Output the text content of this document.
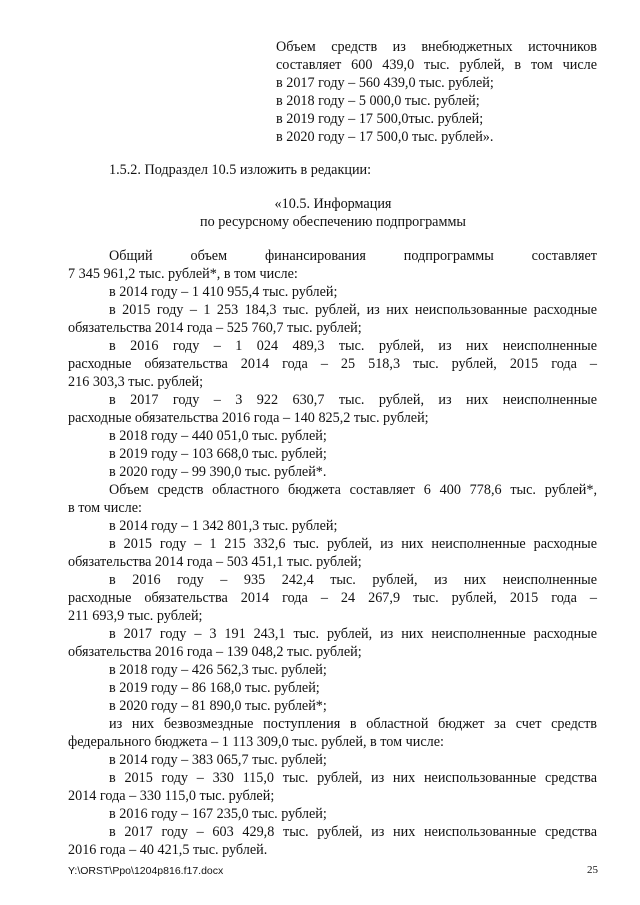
Объем средств из внебюджетных источников
составляет 600 439,0 тыс. рублей, в том числе
в 2017 году – 560 439,0 тыс. рублей;
в 2018 году – 5 000,0 тыс. рублей;
в 2019 году – 17 500,0тыс. рублей;
в 2020 году – 17 500,0 тыс. рублей».
1.5.2. Подраздел 10.5 изложить в редакции:
«10.5. Информация
по ресурсному обеспечению подпрограммы
Общий объем финансирования подпрограммы составляет
7 345 961,2 тыс. рублей*, в том числе:
в 2014 году – 1 410 955,4 тыс. рублей;
в 2015 году – 1 253 184,3 тыс. рублей, из них неиспользованные расходные
обязательства 2014 года – 525 760,7 тыс. рублей;
в 2016 году – 1 024 489,3 тыс. рублей, из них неисполненные
расходные обязательства 2014 года – 25 518,3 тыс. рублей, 2015 года –
216 303,3 тыс. рублей;
в 2017 году – 3 922 630,7 тыс. рублей, из них неисполненные
расходные обязательства 2016 года – 140 825,2 тыс. рублей;
в 2018 году – 440 051,0 тыс. рублей;
в 2019 году – 103 668,0 тыс. рублей;
в 2020 году – 99 390,0 тыс. рублей*.
Объем средств областного бюджета составляет 6 400 778,6 тыс. рублей*,
в том числе:
в 2014 году – 1 342 801,3 тыс. рублей;
в 2015 году – 1 215 332,6 тыс. рублей, из них неисполненные расходные
обязательства 2014 года – 503 451,1 тыс. рублей;
в 2016 году – 935 242,4 тыс. рублей, из них неисполненные
расходные обязательства 2014 года – 24 267,9 тыс. рублей, 2015 года –
211 693,9 тыс. рублей;
в 2017 году – 3 191 243,1 тыс. рублей, из них неисполненные расходные
обязательства 2016 года – 139 048,2 тыс. рублей;
в 2018 году – 426 562,3 тыс. рублей;
в 2019 году – 86 168,0 тыс. рублей;
в 2020 году – 81 890,0 тыс. рублей*;
из них безвозмездные поступления в областной бюджет за счет средств
федерального бюджета – 1 113 309,0 тыс. рублей, в том числе:
в 2014 году – 383 065,7 тыс. рублей;
в 2015 году – 330 115,0 тыс. рублей, из них неиспользованные средства
2014 года – 330 115,0 тыс. рублей;
в 2016 году – 167 235,0 тыс. рублей;
в 2017 году – 603 429,8 тыс. рублей, из них неиспользованные средства
2016 года – 40 421,5 тыс. рублей.
Y:\ORST\Ppo\1204p816.f17.docx	25
